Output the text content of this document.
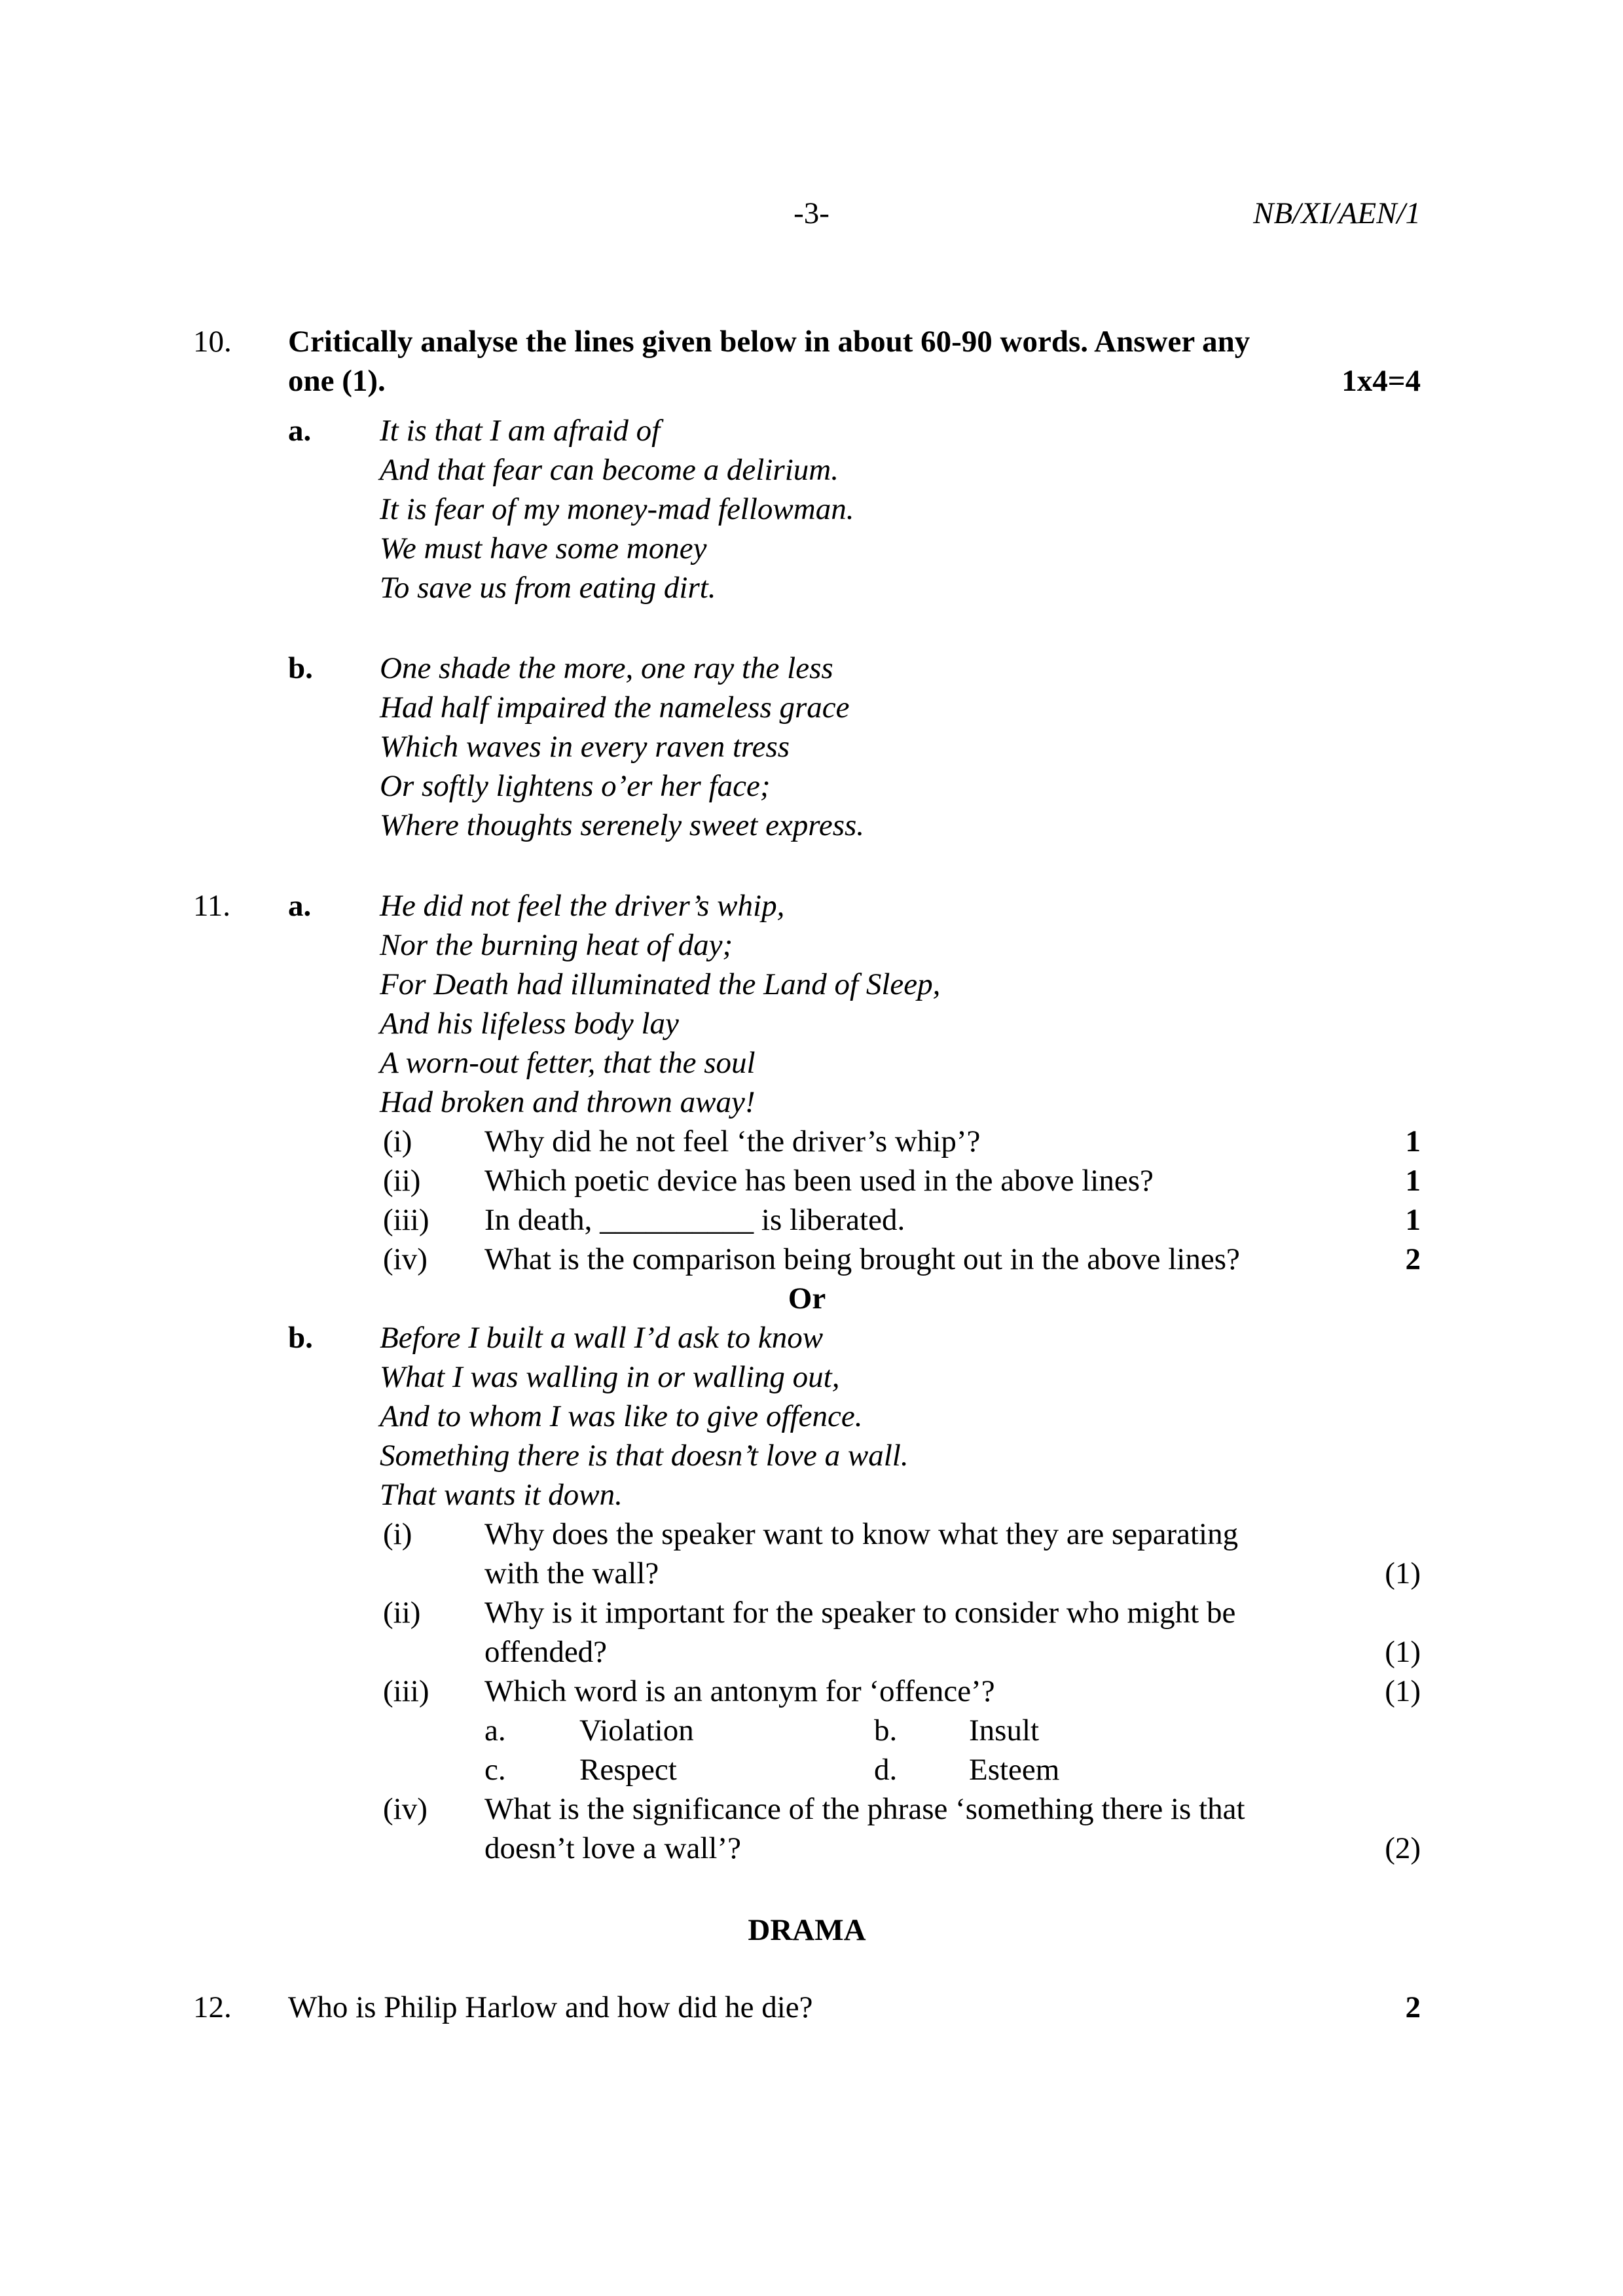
-3-	NB/XI/AEN/1
10.	Critically analyse the lines given below in about 60-90 words. Answer any
one (1).	1x4=4
a.	It is that I am afraid of
And that fear can become a delirium.
It is fear of my money-mad fellowman.
We must have some money
To save us from eating dirt.
b.	One shade the more, one ray the less
Had half impaired the nameless grace
Which waves in every raven tress
Or softly lightens o’er her face;
Where thoughts serenely sweet express.
11.	a.	He did not feel the driver’s whip,
Nor the burning heat of day;
For Death had illuminated the Land of Sleep,
And his lifeless body lay
A worn-out fetter, that the soul
Had broken and thrown away!
(i)	Why did he not feel ‘the driver’s whip’?	1
(ii)	Which poetic device has been used in the above lines?	1
(iii)	In death, __________ is liberated.	1
(iv)	What is the comparison being brought out in the above lines?	2
Or
b.	Before I built a wall I’d ask to know
What I was walling in or walling out,
And to whom I was like to give offence.
Something there is that doesn’t love a wall.
That wants it down.
(i)	Why does the speaker want to know what they are separating
with the wall?	(1)
(ii)	Why is it important for the speaker to consider who might be
offended?	(1)
(iii)	Which word is an antonym for ‘offence’?	(1)
a.	Violation	b.	Insult
c.	Respect	d.	Esteem
(iv)	What is the significance of the phrase ‘something there is that
doesn’t love a wall’?	(2)
DRAMA
12.	Who is Philip Harlow and how did he die?	2
